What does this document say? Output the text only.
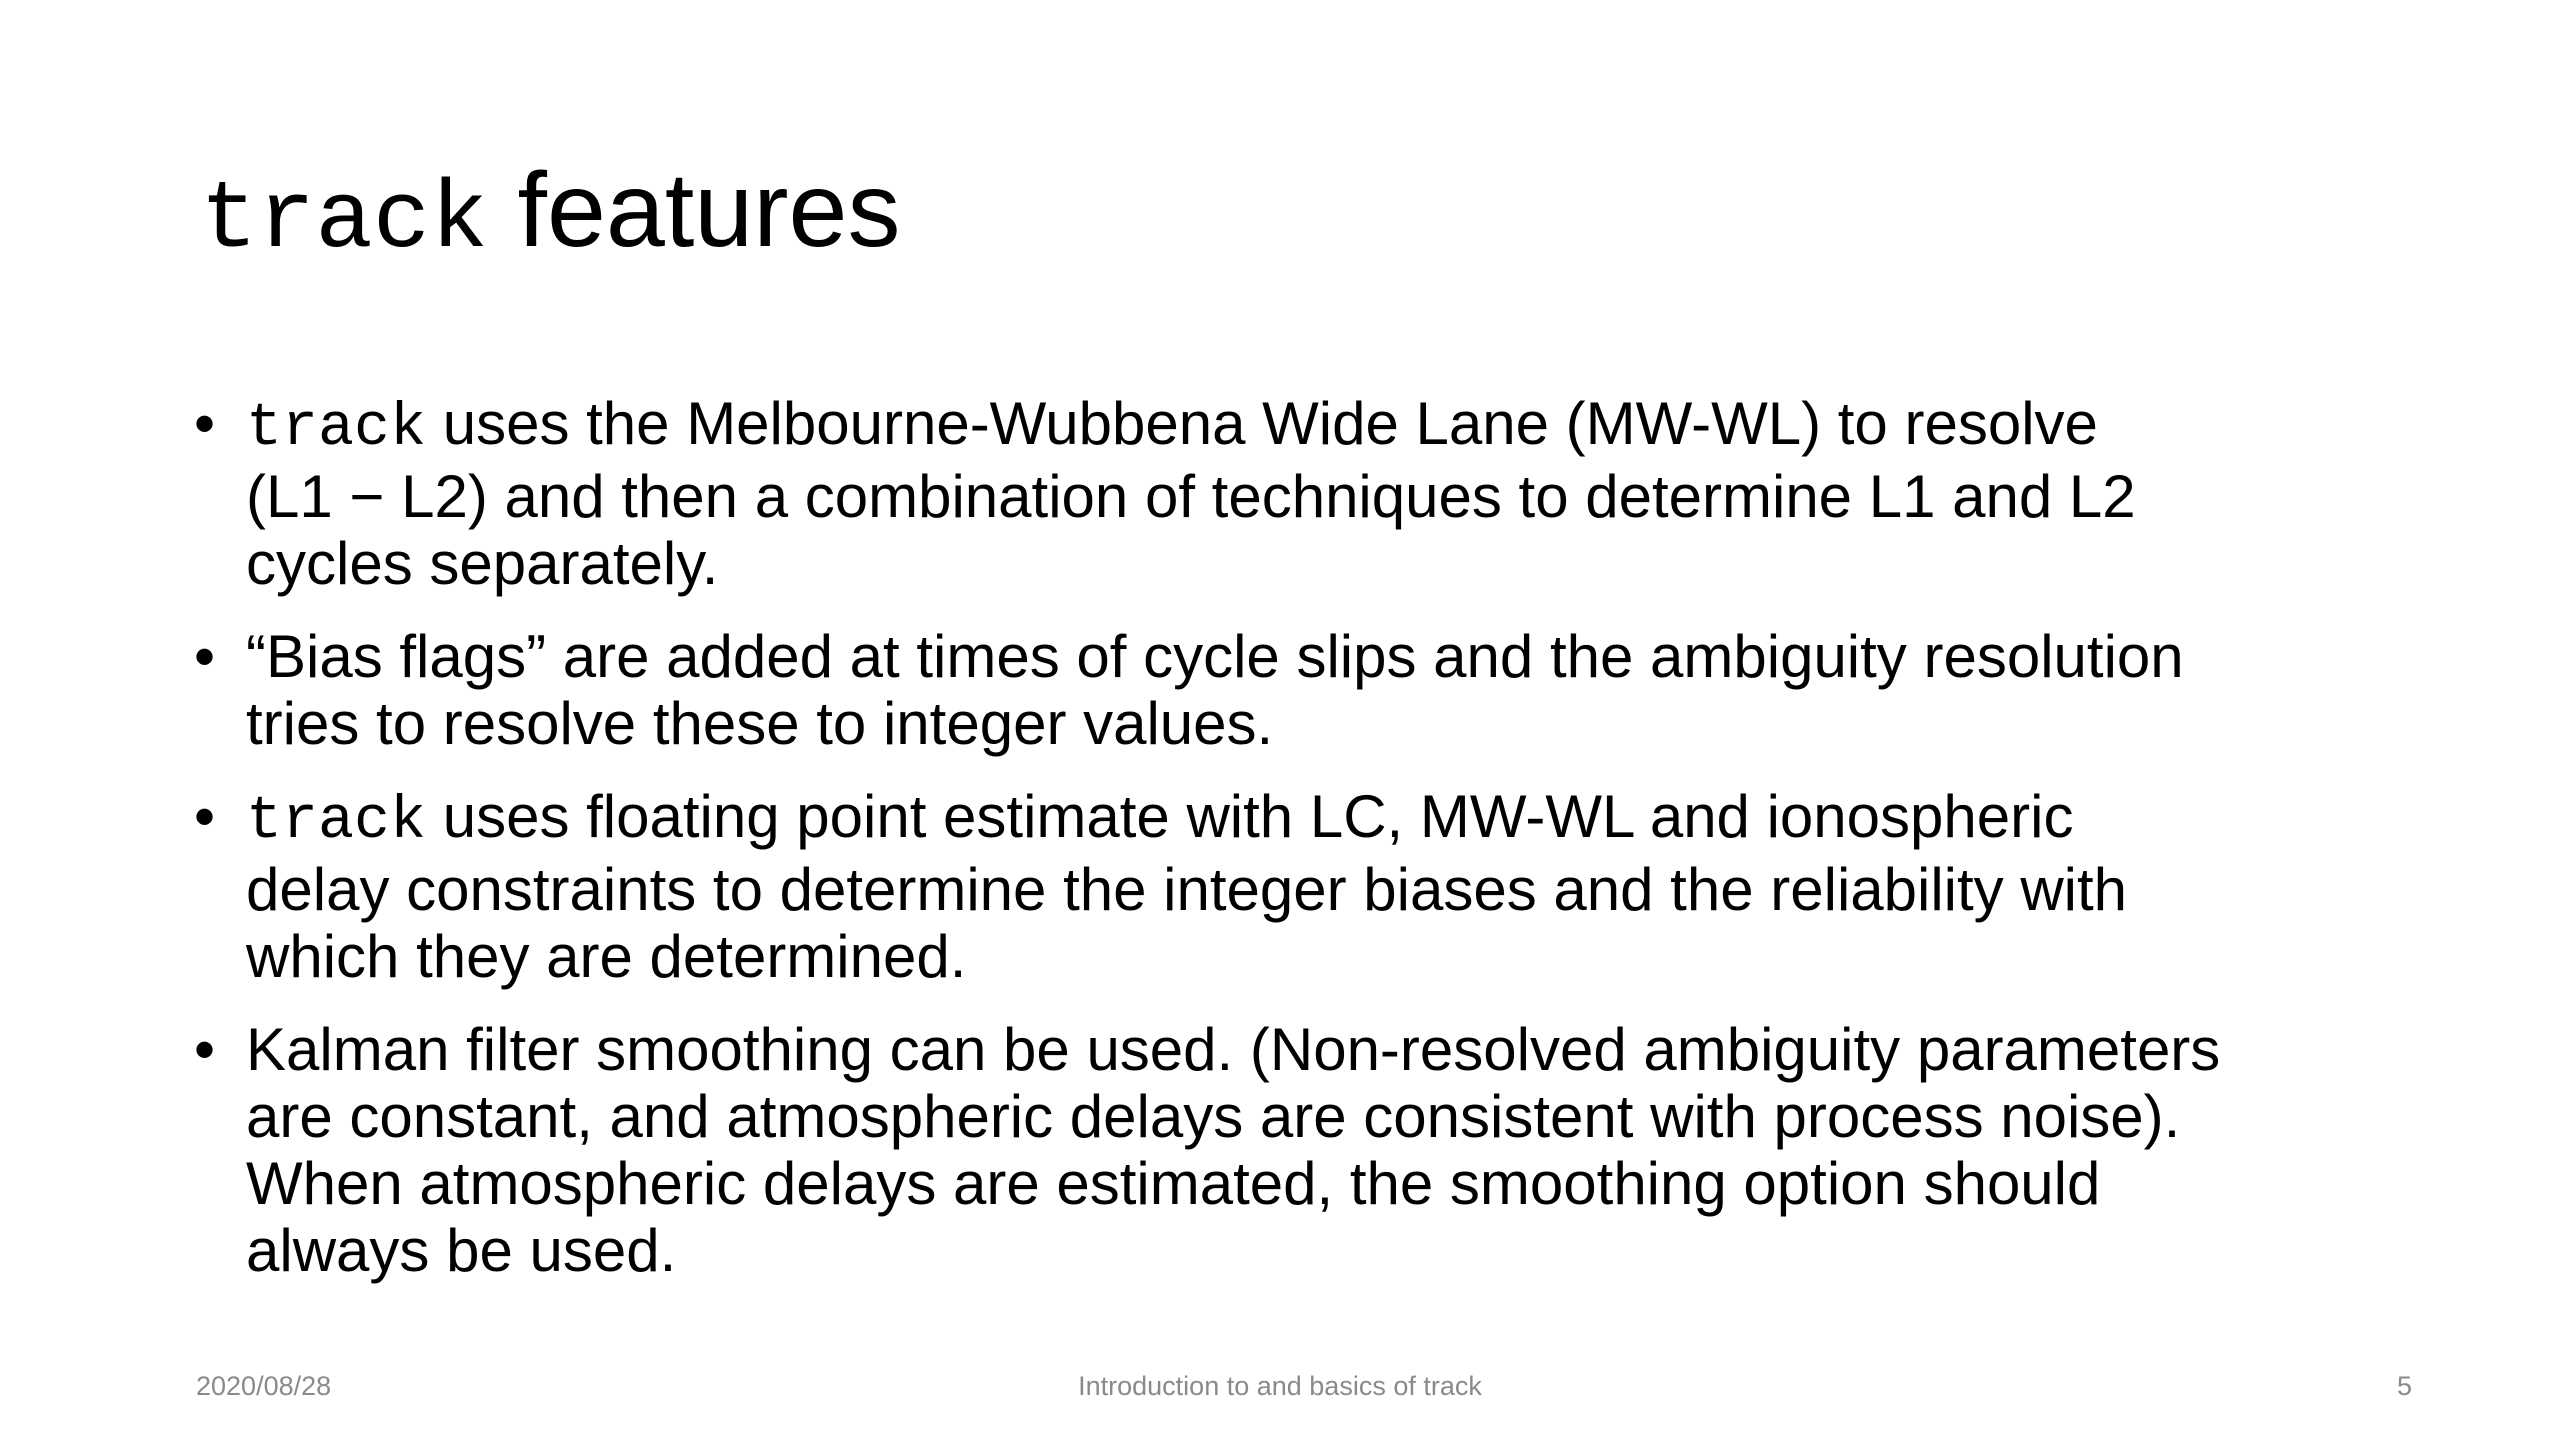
track features
• track uses the Melbourne-Wubbena Wide Lane (MW-WL) to resolve
(L1 − L2) and then a combination of techniques to determine L1 and L2
cycles separately.
• “Bias flags” are added at times of cycle slips and the ambiguity resolution
tries to resolve these to integer values.
• track uses floating point estimate with LC, MW-WL and ionospheric
delay constraints to determine the integer biases and the reliability with
which they are determined.
• Kalman filter smoothing can be used. (Non-resolved ambiguity parameters
are constant, and atmospheric delays are consistent with process noise).
When atmospheric delays are estimated, the smoothing option should
always be used.
2020/08/28	Introduction to and basics of track	5
